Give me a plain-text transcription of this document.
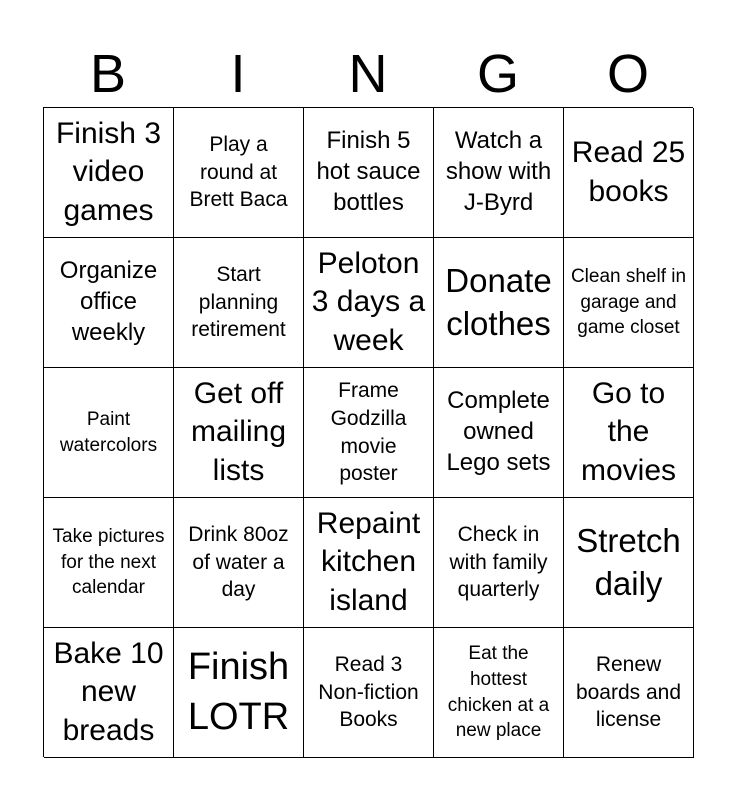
B	I	N	G	O
Finish 3 video games
Play a round at Brett Baca
Finish 5 hot sauce bottles
Watch a show with J-Byrd
Read 25 books
Organize office weekly
Start planning retirement
Peloton 3 days a week
Donate clothes
Clean shelf in garage and game closet
Paint watercolors
Get off mailing lists
Frame Godzilla movie poster
Complete owned Lego sets
Go to the movies
Take pictures for the next calendar
Drink 80oz of water a day
Repaint kitchen island
Check in with family quarterly
Stretch daily
Bake 10 new breads
Finish LOTR
Read 3 Non-fiction Books
Eat the hottest chicken at a new place
Renew boards and license
